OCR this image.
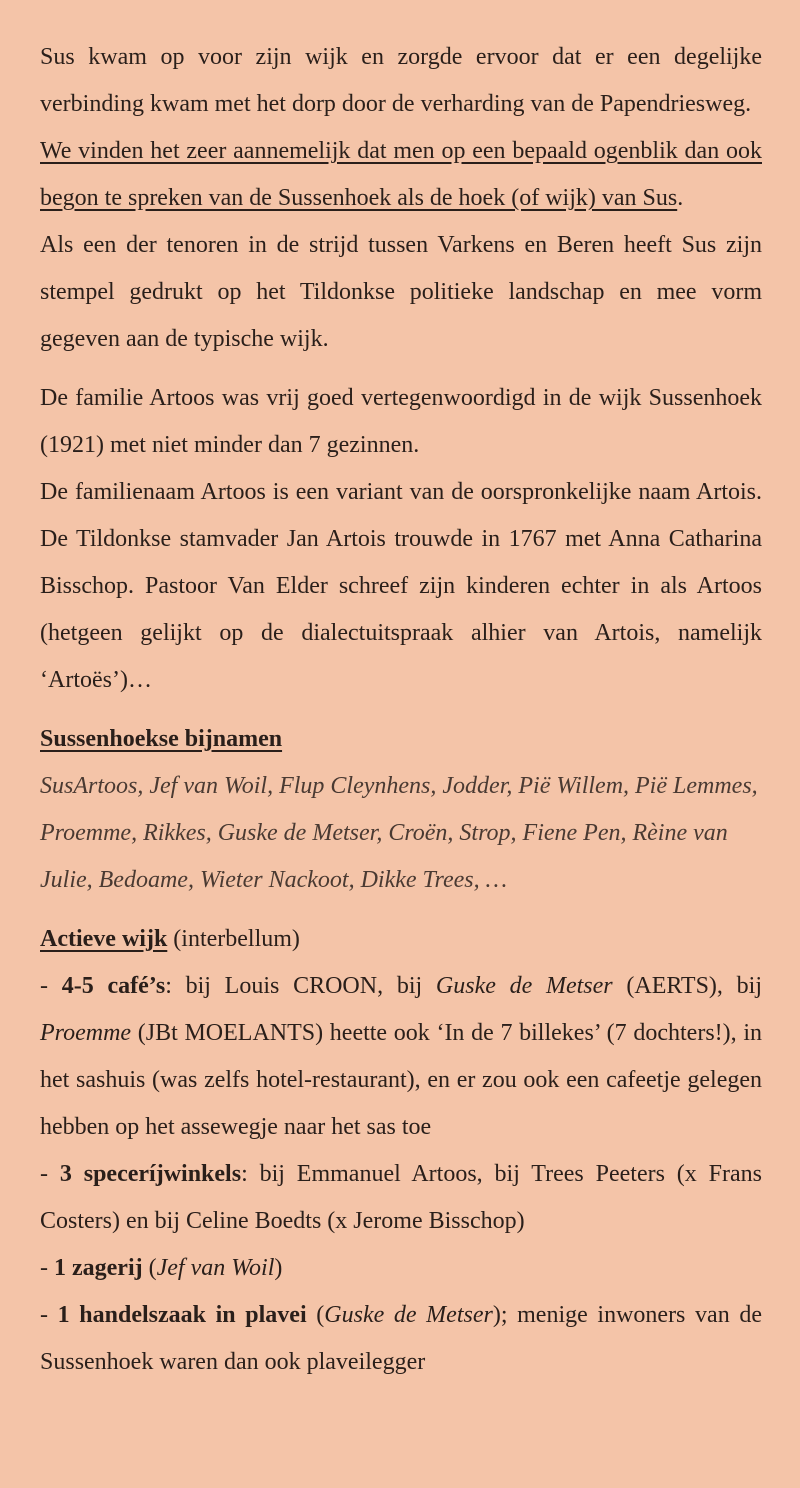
Sus kwam op voor zijn wijk en zorgde ervoor dat er een degelijke verbinding kwam met het dorp door de verharding van de Papendriesweg.

We vinden het zeer aannemelijk dat men op een bepaald ogenblik dan ook begon te spreken van de Sussenhoek als de hoek (of wijk) van Sus.

Als een der tenoren in de strijd tussen Varkens en Beren heeft Sus zijn stempel gedrukt op het Tildonkse politieke landschap en mee vorm gegeven aan de typische wijk.

De familie Artoos was vrij goed vertegenwoordigd in de wijk Sussenhoek (1921) met niet minder dan 7 gezinnen.

De familienaam Artoos is een variant van de oorspronkelijke naam Artois. De Tildonkse stamvader Jan Artois trouwde in 1767 met Anna Catharina Bisschop. Pastoor Van Elder schreef zijn kinderen echter in als Artoos (hetgeen gelijkt op de dialectuitspraak alhier van Artois, namelijk ‘Artoës’)…

Sussenhoekse bijnamen

SusArtoos, Jef van Woil, Flup Cleynhens, Jodder, Pië Willem, Pië Lemmes, Proemme, Rikkes, Guske de Metser, Croën, Strop, Fiene Pen, Rèine van Julie, Bedoame, Wieter Nackoot, Dikke Trees, …

Actieve wijk (interbellum)

- 4-5 café’s: bij Louis CROON, bij Guske de Metser (AERTS), bij Proemme (JBt MOELANTS) heette ook ‘In de 7 billekes’ (7 dochters!), in het sashuis (was zelfs hotel-restaurant), en er zou ook een cafeetje gelegen hebben op het assewegje naar het sas toe

- 3 speceríjwinkels: bij Emmanuel Artoos, bij Trees Peeters (x Frans Costers) en bij Celine Boedts (x Jerome Bisschop)

- 1 zagerij (Jef van Woil)

- 1 handelszaak in plavei (Guske de Metser); menige inwoners van de Sussenhoek waren dan ook plaveilegger
